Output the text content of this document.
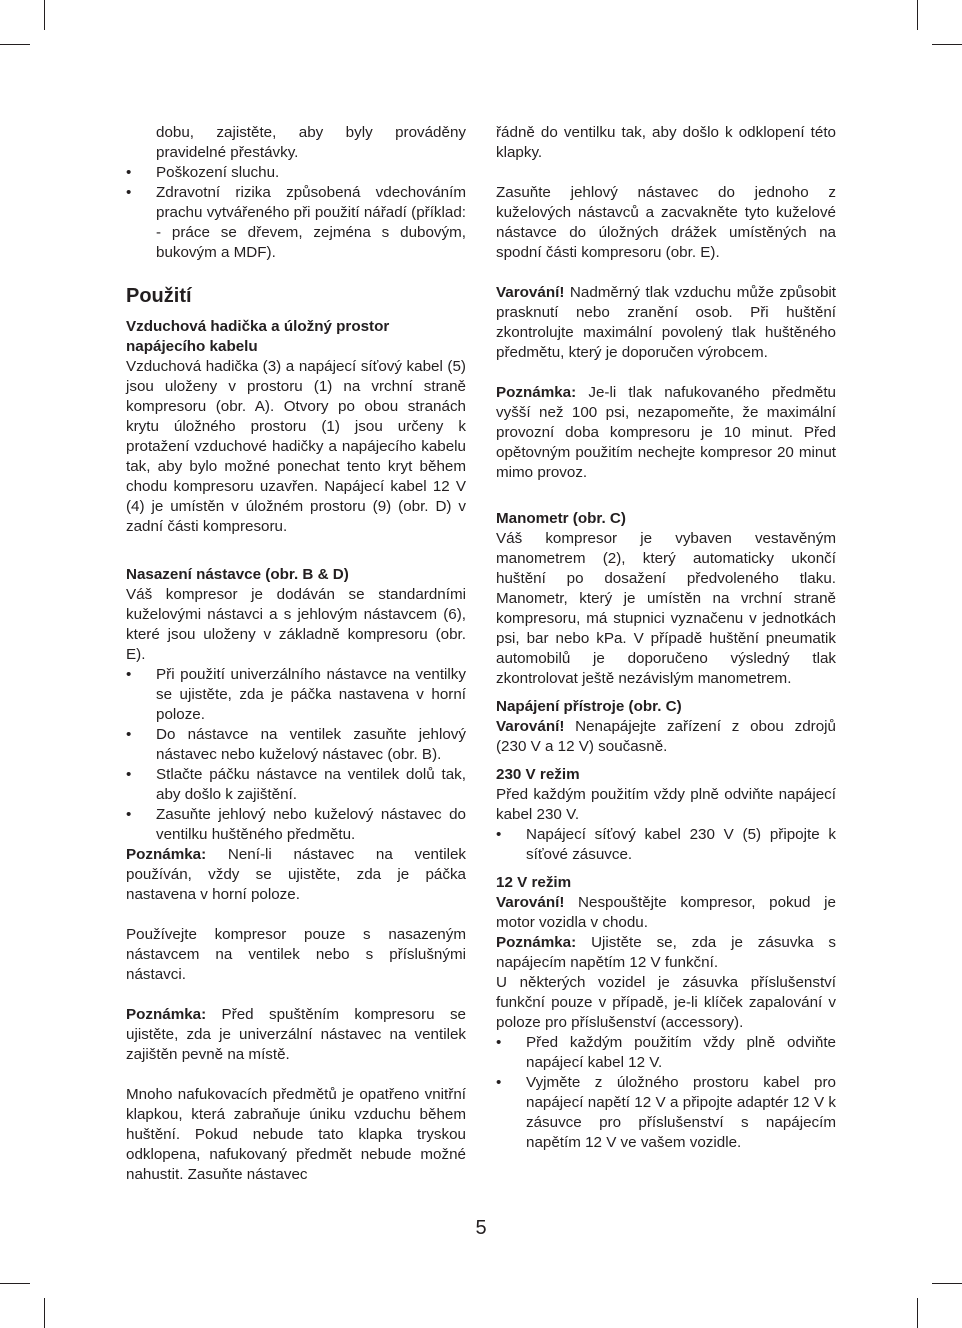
dobu, zajistěte, aby byly prováděny pravidelné přestávky.

• Poškození sluchu.
• Zdravotní rizika způsobená vdechováním prachu vytvářeného při použití nářadí (příklad: - práce se dřevem, zejména s dubovým, bukovým a MDF).
Použití
Vzduchová hadička a úložný prostor napájecího kabelu

Vzduchová hadička (3) a napájecí síťový kabel (5) jsou uloženy v prostoru (1) na vrchní straně kompresoru (obr. A). Otvory po obou stranách krytu úložného prostoru (1) jsou určeny k protažení vzduchové hadičky a napájecího kabelu tak, aby bylo možné ponechat tento kryt během chodu kompresoru uzavřen. Napájecí kabel 12 V (4) je umístěn v úložném prostoru (9) (obr. D) v zadní části kompresoru.

Nasazení nástavce (obr. B & D)

Váš kompresor je dodáván se standardními kuželovými nástavci a s jehlovým nástavcem (6), které jsou uloženy v základně kompresoru (obr. E).

• Při použití univerzálního nástavce na ventilky se ujistěte, zda je páčka nastavena v horní poloze.
• Do nástavce na ventilek zasuňte jehlový nástavec nebo kuželový nástavec (obr. B).
• Stlačte páčku nástavce na ventilek dolů tak, aby došlo k zajištění.
• Zasuňte jehlový nebo kuželový nástavec do ventilku huštěného předmětu.

Poznámka: Není-li nástavec na ventilek používán, vždy se ujistěte, zda je páčka nastavena v horní poloze.

Používejte kompresor pouze s nasazeným nástavcem na ventilek nebo s příslušnými nástavci.

Poznámka: Před spuštěním kompresoru se ujistěte, zda je univerzální nástavec na ventilek zajištěn pevně na místě.

Mnoho nafukovacích předmětů je opatřeno vnitřní klapkou, která zabraňuje úniku vzduchu během huštění. Pokud nebude tato klapka tryskou odklopena, nafukovaný předmět nebude možné nahustit. Zasuňte nástavec

řádně do ventilku tak, aby došlo k odklopení této klapky.

Zasuňte jehlový nástavec do jednoho z kuželových nástavců a zacvakněte tyto kuželové nástavce do úložných drážek umístěných na spodní části kompresoru (obr. E).

Varování! Nadměrný tlak vzduchu může způsobit prasknutí nebo zranění osob. Při huštění zkontrolujte maximální povolený tlak huštěného předmětu, který je doporučen výrobcem.

Poznámka: Je-li tlak nafukovaného předmětu vyšší než 100 psi, nezapomeňte, že maximální provozní doba kompresoru je 10 minut. Před opětovným použitím nechejte kompresor 20 minut mimo provoz.

Manometr (obr. C)

Váš kompresor je vybaven vestavěným manometrem (2), který automaticky ukončí huštění po dosažení předvoleného tlaku. Manometr, který je umístěn na vrchní straně kompresoru, má stupnici vyznačenu v jednotkách psi, bar nebo kPa. V případě huštění pneumatik automobilů je doporučeno výsledný tlak zkontrolovat ještě nezávislým manometrem.

Napájení přístroje (obr. C)

Varování! Nenapájejte zařízení z obou zdrojů (230 V a 12 V) současně.

230 V režim

Před každým použitím vždy plně odviňte napájecí kabel 230 V.

• Napájecí síťový kabel 230 V (5) připojte k síťové zásuvce.
12 V režim

Varování! Nespouštějte kompresor, pokud je motor vozidla v chodu.

Poznámka: Ujistěte se, zda je zásuvka s napájecím napětím 12 V funkční.

U některých vozidel je zásuvka příslušenství funkční pouze v případě, je-li klíček zapalování v poloze pro příslušenství (accessory).

• Před každým použitím vždy plně odviňte napájecí kabel 12 V.
• Vyjměte z úložného prostoru kabel pro napájecí napětí 12 V a připojte adaptér 12 V k zásuvce pro příslušenství s napájecím napětím 12 V ve vašem vozidle.
5
